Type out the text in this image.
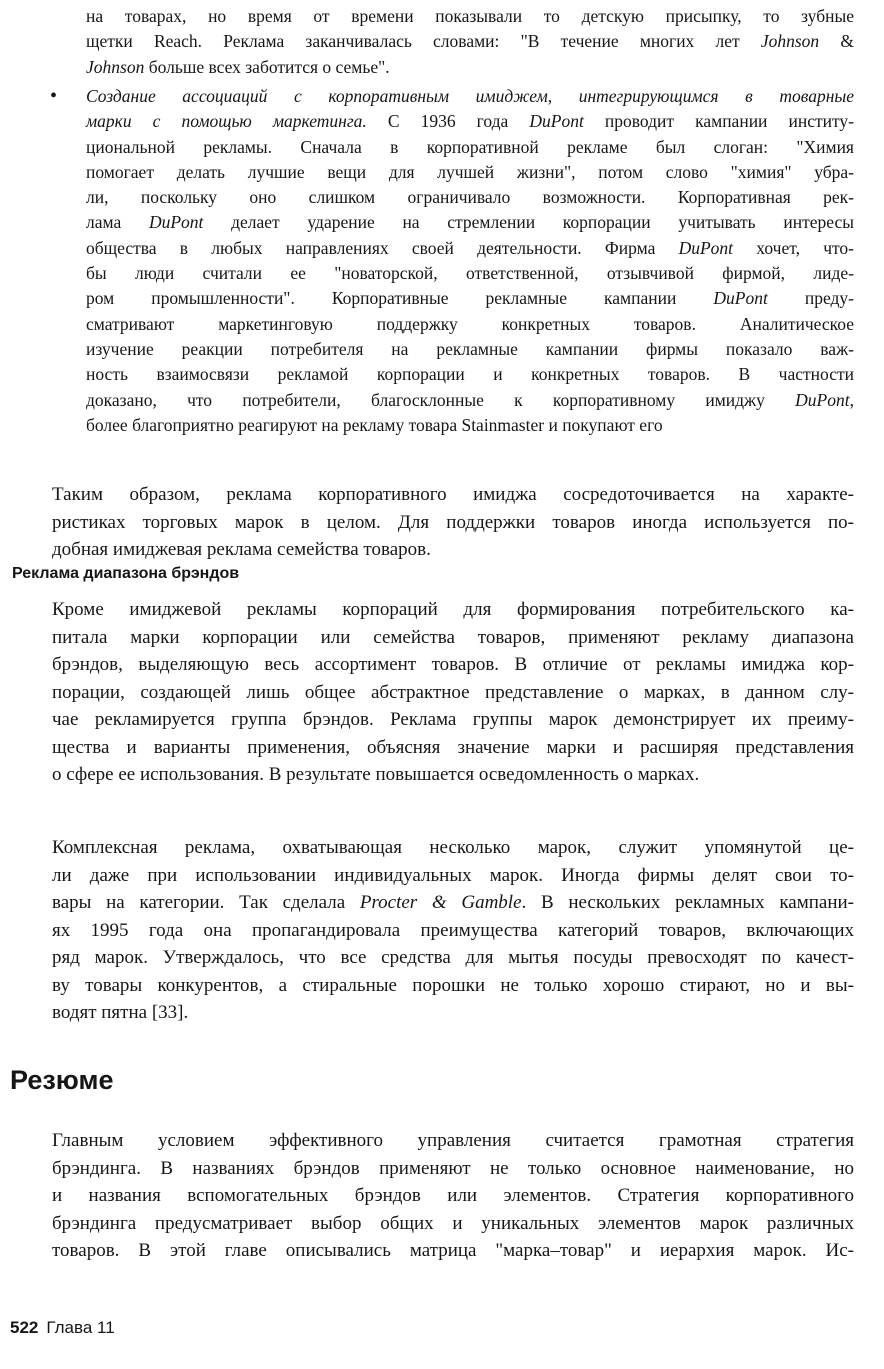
на товарах, но время от времени показывали то детскую присыпку, то зубные
щетки Reach. Реклама заканчивалась словами: "В течение многих лет Johnson &
Johnson больше всех заботится о семье".
• Создание ассоциаций с корпоративным имиджем, интегрирующимся в товарные
марки с помощью маркетинга. С 1936 года DuPont проводит кампании институ-
циональной рекламы. Сначала в корпоративной рекламе был слоган: "Химия
помогает делать лучшие вещи для лучшей жизни", потом слово "химия" убра-
ли, поскольку оно слишком ограничивало возможности. Корпоративная рек-
лама DuPont делает ударение на стремлении корпорации учитывать интересы
общества в любых направлениях своей деятельности. Фирма DuPont хочет, что-
бы люди считали ее "новаторской, ответственной, отзывчивой фирмой, лиде-
ром промышленности". Корпоративные рекламные кампании DuPont преду-
сматривают маркетинговую поддержку конкретных товаров. Аналитическое
изучение реакции потребителя на рекламные кампании фирмы показало важ-
ность взаимосвязи рекламой корпорации и конкретных товаров. В частности
доказано, что потребители, благосклонные к корпоративному имиджу DuPont,
более благоприятно реагируют на рекламу товара Stainmaster и покупают его
Таким образом, реклама корпоративного имиджа сосредоточивается на характе-
ристиках торговых марок в целом. Для поддержки товаров иногда используется по-
добная имиджевая реклама семейства товаров.
Реклама диапазона брэндов
Кроме имиджевой рекламы корпораций для формирования потребительского ка-
питала марки корпорации или семейства товаров, применяют рекламу диапазона
брэндов, выделяющую весь ассортимент товаров. В отличие от рекламы имиджа кор-
порации, создающей лишь общее абстрактное представление о марках, в данном слу-
чае рекламируется группа брэндов. Реклама группы марок демонстрирует их преиму-
щества и варианты применения, объясняя значение марки и расширяя представления
о сфере ее использования. В результате повышается осведомленность о марках.
Комплексная реклама, охватывающая несколько марок, служит упомянутой це-
ли даже при использовании индивидуальных марок. Иногда фирмы делят свои то-
вары на категории. Так сделала Procter & Gamble. В нескольких рекламных кампани-
ях 1995 года она пропагандировала преимущества категорий товаров, включающих
ряд марок. Утверждалось, что все средства для мытья посуды превосходят по качест-
ву товары конкурентов, а стиральные порошки не только хорошо стирают, но и вы-
водят пятна [33].
Резюме
Главным условием эффективного управления считается грамотная стратегия
брэндинга. В названиях брэндов применяют не только основное наименование, но
и названия вспомогательных брэндов или элементов. Стратегия корпоративного
брэндинга предусматривает выбор общих и уникальных элементов марок различных
товаров. В этой главе описывались матрица "марка–товар" и иерархия марок. Ис-
522 Глава 11
